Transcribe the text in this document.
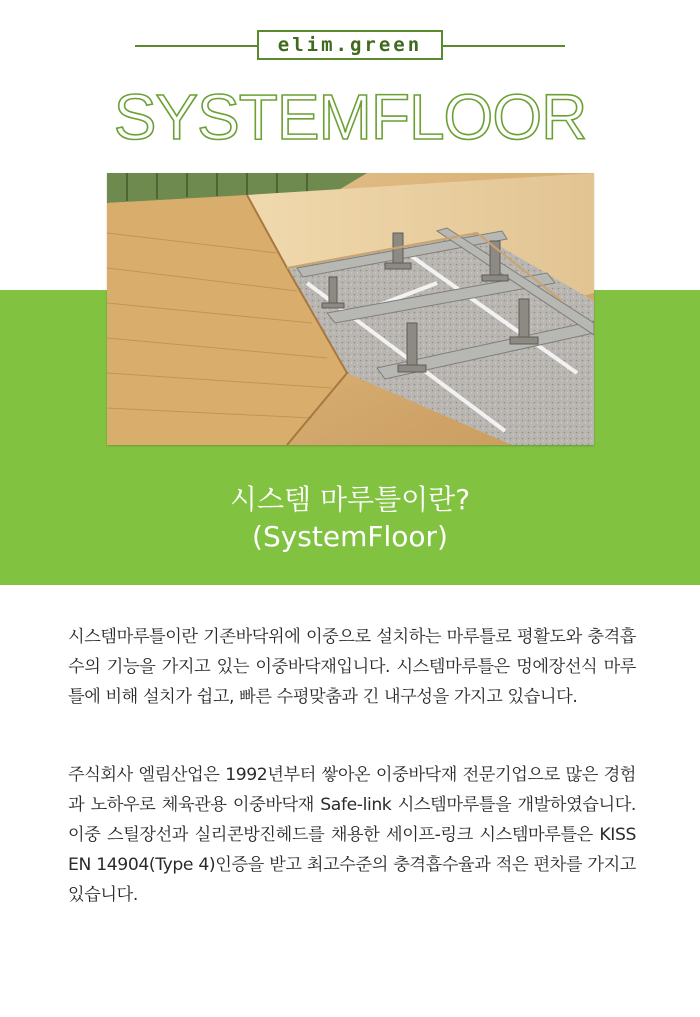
elim.green
SYSTEMFLOOR
시스템 마루틀이란?
(SystemFloor)

시스템마루틀이란 기존바닥위에 이중으로 설치하는 마루틀로 평활도와 충격흡수의 기능을 가지고 있는 이중바닥재입니다. 시스템마루틀은 멍에장선식 마루틀에 비해 설치가 쉽고, 빠른 수평맞춤과 긴 내구성을 가지고 있습니다.

주식회사 엘림산업은 1992년부터 쌓아온 이중바닥재 전문기업으로 많은 경험과 노하우로 체육관용 이중바닥재 Safe-link 시스템마루틀을 개발하였습니다. 이중 스틸장선과 실리콘방진헤드를 채용한 세이프-링크 시스템마루틀은 KISS EN 14904(Type 4)인증을 받고 최고수준의 충격흡수율과 적은 편차를 가지고 있습니다.
